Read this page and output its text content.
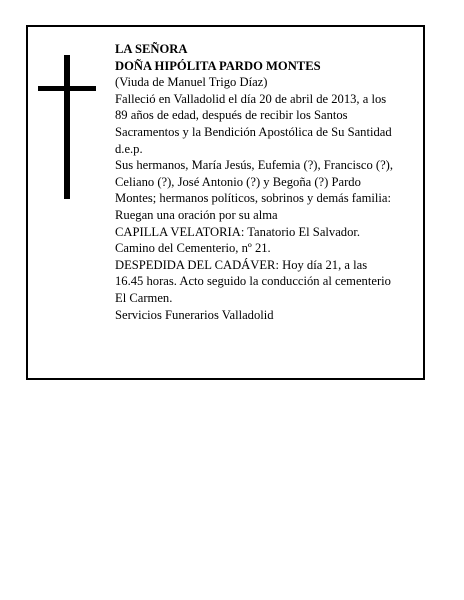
LA SEÑORA
DOÑA HIPÓLITA PARDO MONTES
(Viuda de Manuel Trigo Díaz)
Falleció en Valladolid el día 20 de abril de 2013, a los
89 años de edad, después de recibir los Santos
Sacramentos y la Bendición Apostólica de Su Santidad
d.e.p.
Sus hermanos, María Jesús, Eufemia (?), Francisco (?),
Celiano (?), José Antonio (?) y Begoña (?) Pardo
Montes; hermanos políticos, sobrinos y demás familia:
Ruegan una oración por su alma
CAPILLA VELATORIA: Tanatorio El Salvador.
Camino del Cementerio, nº 21.
DESPEDIDA DEL CADÁVER: Hoy día 21, a las
16.45 horas. Acto seguido la conducción al cementerio
El Carmen.
Servicios Funerarios Valladolid
